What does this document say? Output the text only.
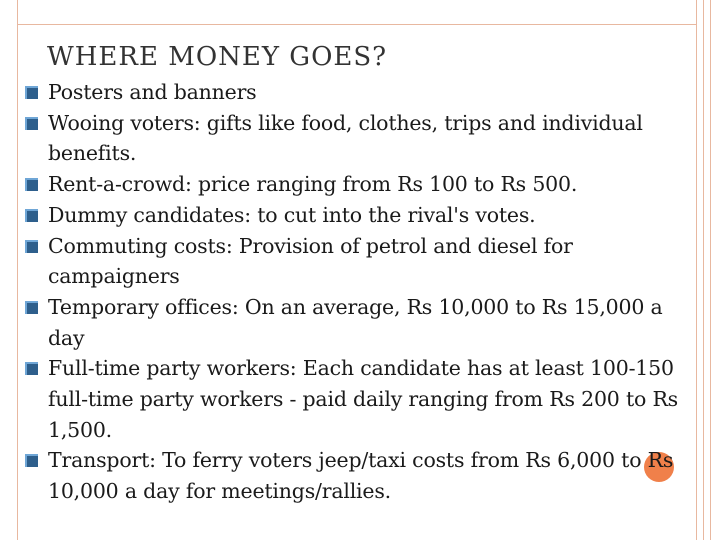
WHERE MONEY GOES?
Posters and banners
Wooing voters: gifts like food, clothes, trips and individual benefits.
Rent-a-crowd: price ranging from Rs 100 to Rs 500.
Dummy candidates: to cut into the rival's votes.
Commuting costs: Provision of petrol and diesel for campaigners
Temporary offices: On an average, Rs 10,000 to Rs 15,000 a day
Full-time party workers: Each candidate has at least 100-150 full-time party workers - paid daily ranging from Rs 200 to Rs 1,500.
Transport: To ferry voters jeep/taxi costs from Rs 6,000 to Rs 10,000 a day for meetings/rallies.
